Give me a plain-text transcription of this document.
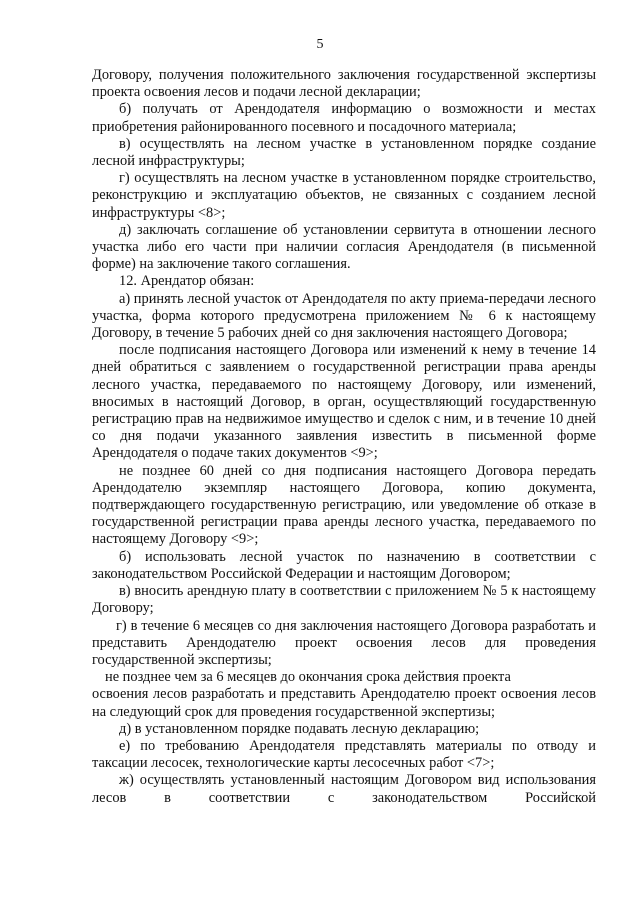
5

Договору, получения положительного заключения государственной экспертизы проекта освоения лесов и подачи лесной декларации;

б) получать от Арендодателя информацию о возможности и местах приобретения районированного посевного и посадочного материала;

в) осуществлять на лесном участке в установленном порядке создание лесной инфраструктуры;

г) осуществлять на лесном участке в установленном порядке строительство, реконструкцию и эксплуатацию объектов, не связанных с созданием лесной инфраструктуры <8>;

д) заключать соглашение об установлении сервитута в отношении лесного участка либо его части при наличии согласия Арендодателя (в письменной форме) на заключение такого соглашения.

12. Арендатор обязан:

а) принять лесной участок от Арендодателя по акту приема-передачи лесного участка, форма которого предусмотрена приложением № 6 к настоящему Договору, в течение 5 рабочих дней со дня заключения настоящего Договора;

после подписания настоящего Договора или изменений к нему в течение 14 дней обратиться с заявлением о государственной регистрации права аренды лесного участка, передаваемого по настоящему Договору, или изменений, вносимых в настоящий Договор, в орган, осуществляющий государственную регистрацию прав на недвижимое имущество и сделок с ним, и в течение 10 дней со дня подачи указанного заявления известить в письменной форме Арендодателя о подаче таких документов <9>;

не позднее 60 дней со дня подписания настоящего Договора передать Арендодателю экземпляр настоящего Договора, копию документа, подтверждающего государственную регистрацию, или уведомление об отказе в государственной регистрации права аренды лесного участка, передаваемого по настоящему Договору <9>;

б) использовать лесной участок по назначению в соответствии с законодательством Российской Федерации и настоящим Договором;

в) вносить арендную плату в соответствии с приложением № 5 к настоящему Договору;

г) в течение 6 месяцев со дня заключения настоящего Договора разработать и представить Арендодателю проект освоения лесов для проведения государственной экспертизы;

не позднее чем за 6 месяцев до окончания срока действия проекта
освоения лесов разработать и представить Арендодателю проект освоения лесов на следующий срок для проведения государственной экспертизы;

д) в установленном порядке подавать лесную декларацию;

е) по требованию Арендодателя представлять материалы по отводу и таксации лесосек, технологические карты лесосечных работ <7>;

ж) осуществлять установленный настоящим Договором вид использования лесов в соответствии с законодательством Российской
